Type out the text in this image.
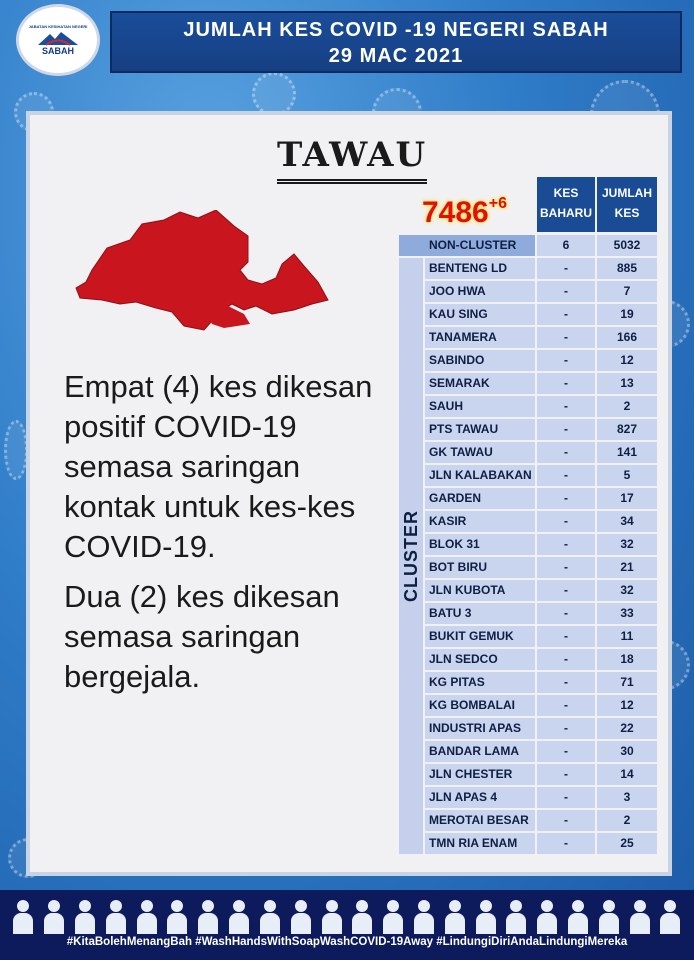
JABATAN KESIHATAN NEGERI
SABAH
JUMLAH KES COVID -19 NEGERI SABAH
29 MAC 2021
TAWAU

Empat (4) kes dikesan positif COVID-19 semasa saringan kontak untuk kes-kes COVID-19.

Dua (2) kes dikesan semasa saringan bergejala.

$7486^{+6}$
KES
BAHARU
JUMLAH
KES
NON-CLUSTER	6	5032
CLUSTER
BENTENG LD	-	885
JOO HWA	-	7
KAU SING	-	19
TANAMERA	-	166
SABINDO	-	12
SEMARAK	-	13
SAUH	-	2
PTS TAWAU	-	827
GK TAWAU	-	141
JLN KALABAKAN	-	5
GARDEN	-	17
KASIR	-	34
BLOK 31	-	32
BOT BIRU	-	21
JLN KUBOTA	-	32
BATU 3	-	33
BUKIT GEMUK	-	11
JLN SEDCO	-	18
KG PITAS	-	71
KG BOMBALAI	-	12
INDUSTRI APAS	-	22
BANDAR LAMA	-	30
JLN CHESTER	-	14
JLN APAS 4	-	3
MEROTAI BESAR	-	2
TMN RIA ENAM	-	25
#KitaBolehMenangBah #WashHandsWithSoapWashCOVID-19Away #LindungiDiriAndaLindungiMereka
